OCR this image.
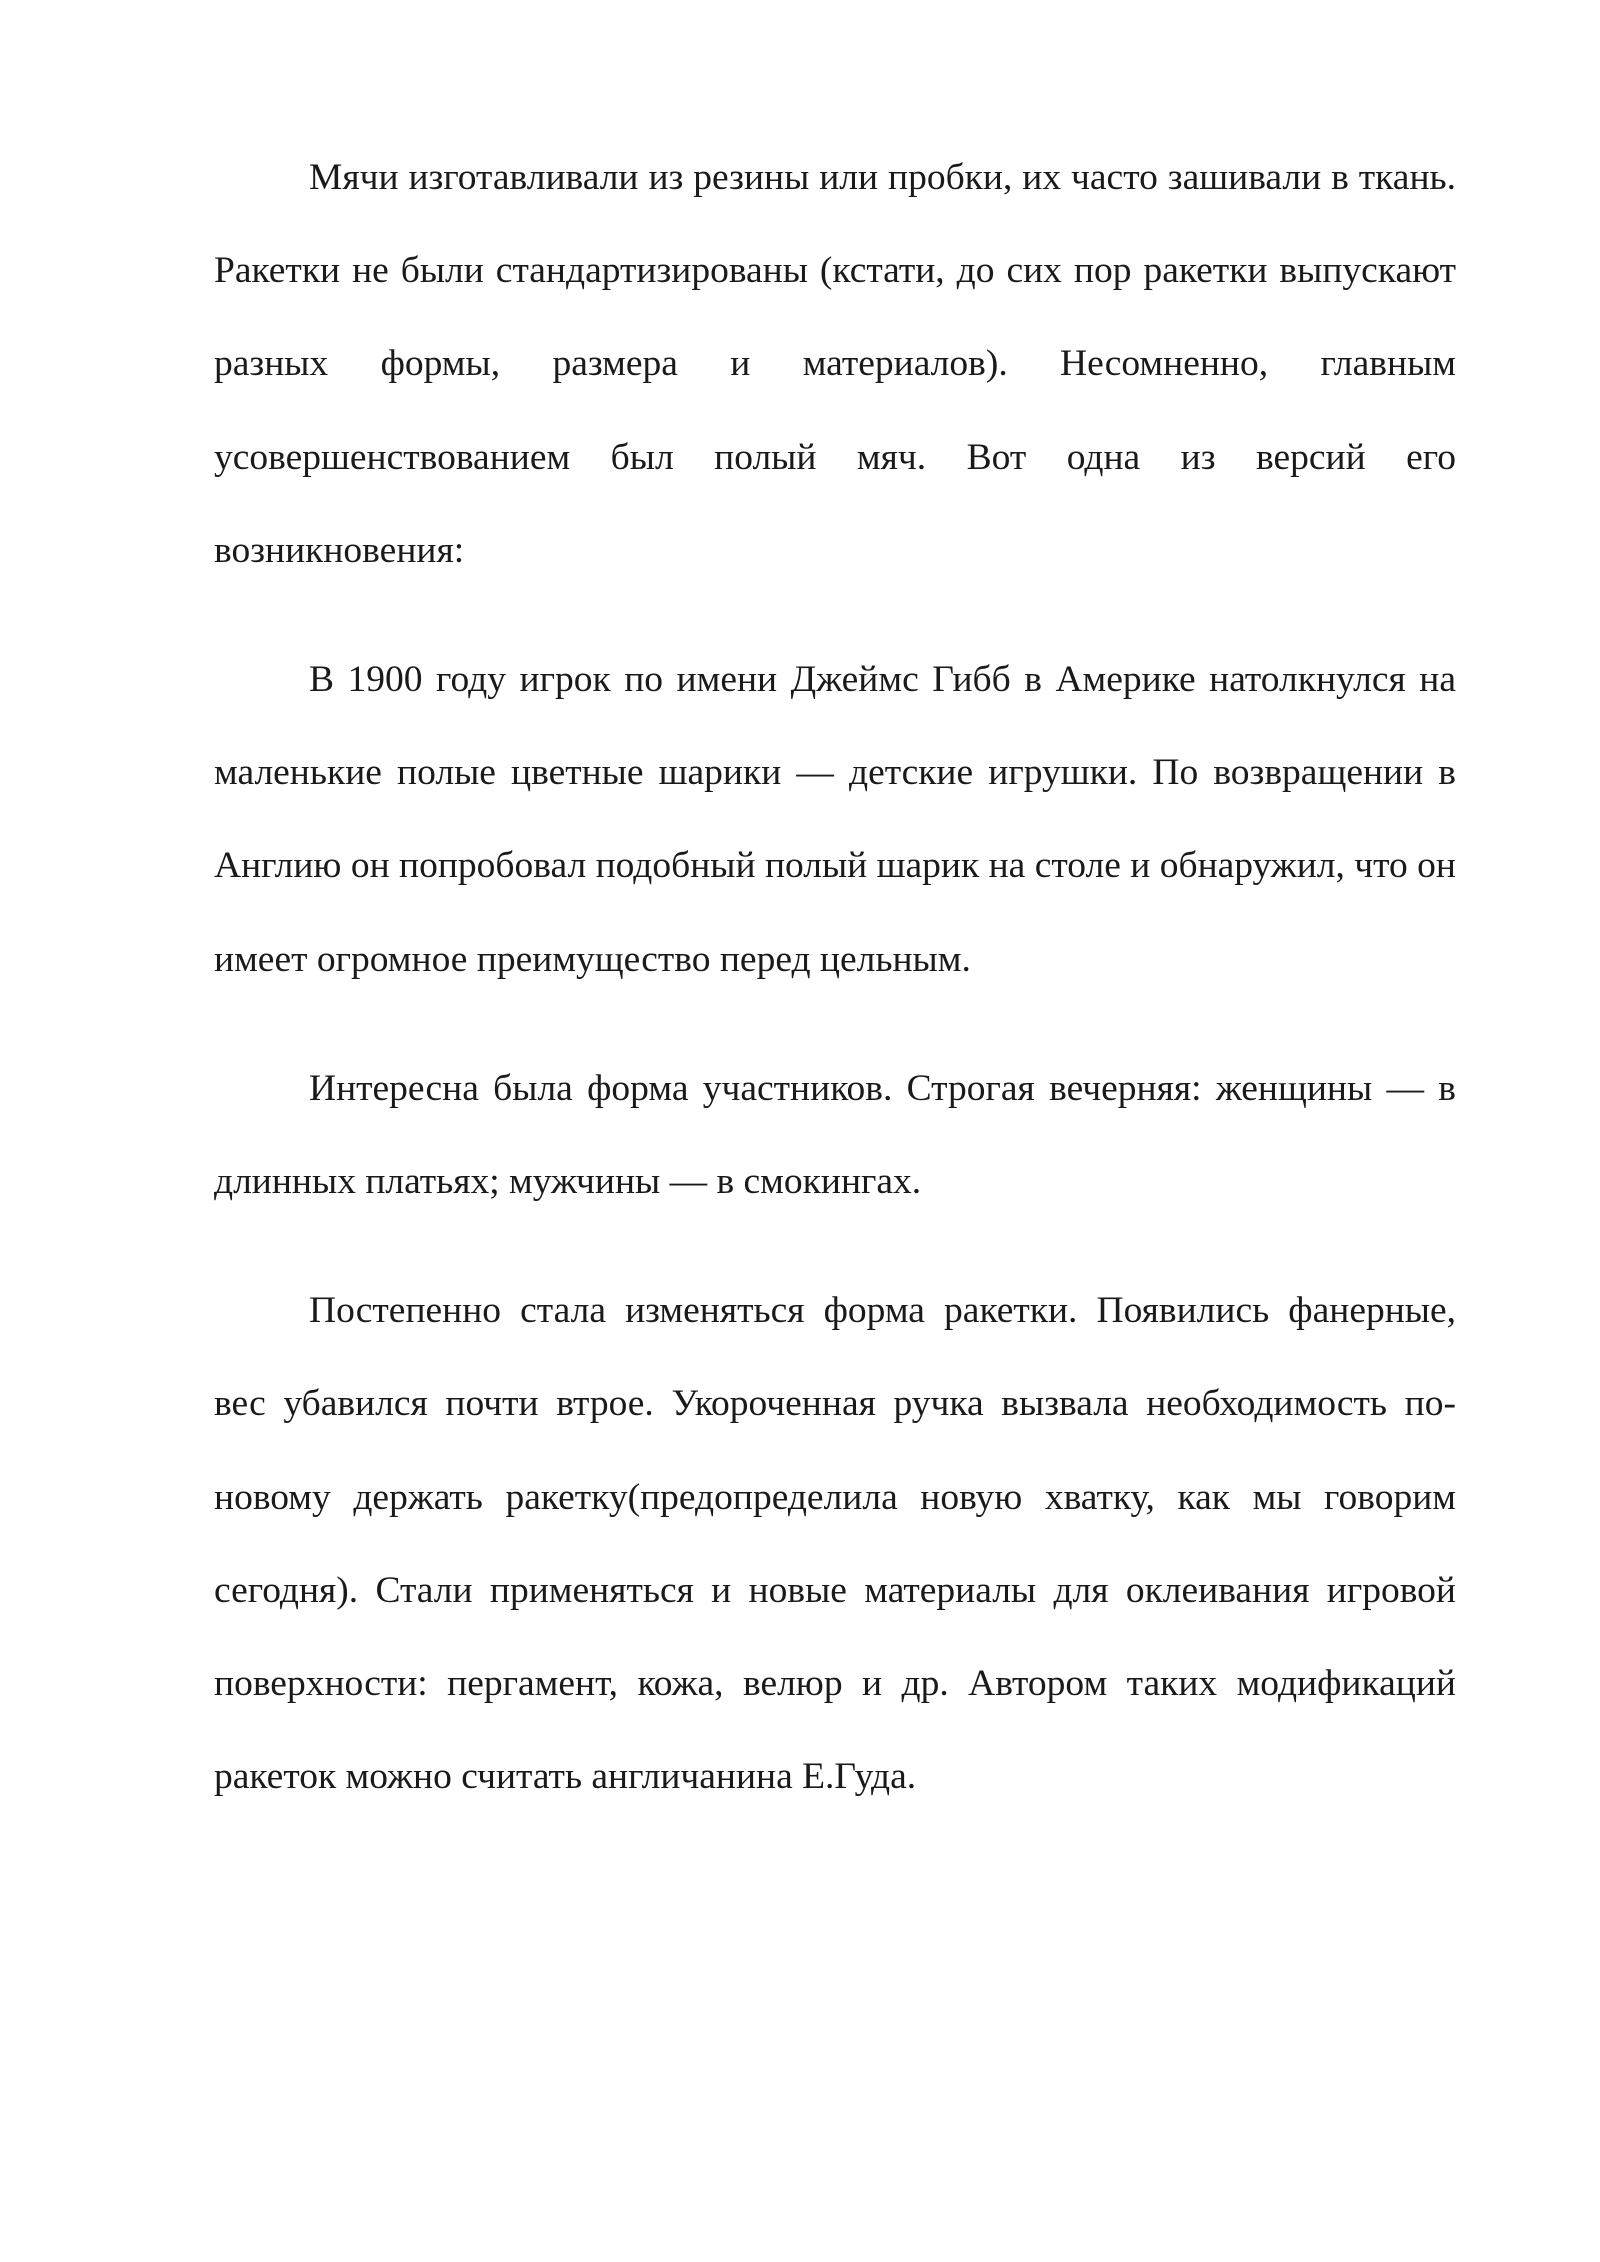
Мячи изготавливали из резины или пробки, их часто зашивали в ткань. Ракетки не были стандартизированы (кстати, до сих пор ракетки выпускают разных формы, размера и материалов). Несомненно, главным усовершенствованием был полый мяч. Вот одна из версий его возникновения:

В 1900 году игрок по имени Джеймс Гибб в Америке натолкнулся на маленькие полые цветные шарики — детские игрушки. По возвращении в Англию он попробовал подобный полый шарик на столе и обнаружил, что он имеет огромное преимущество перед цельным.

Интересна была форма участников. Строгая вечерняя: женщины — в длинных платьях; мужчины — в смокингах.

Постепенно стала изменяться форма ракетки. Появились фанерные, вес убавился почти втрое. Укороченная ручка вызвала необходимость по-новому держать ракетку(предопределила новую хватку, как мы говорим сегодня). Стали применяться и новые материалы для оклеивания игровой поверхности: пергамент, кожа, велюр и др. Автором таких модификаций ракеток можно считать англичанина Е.Гуда.
